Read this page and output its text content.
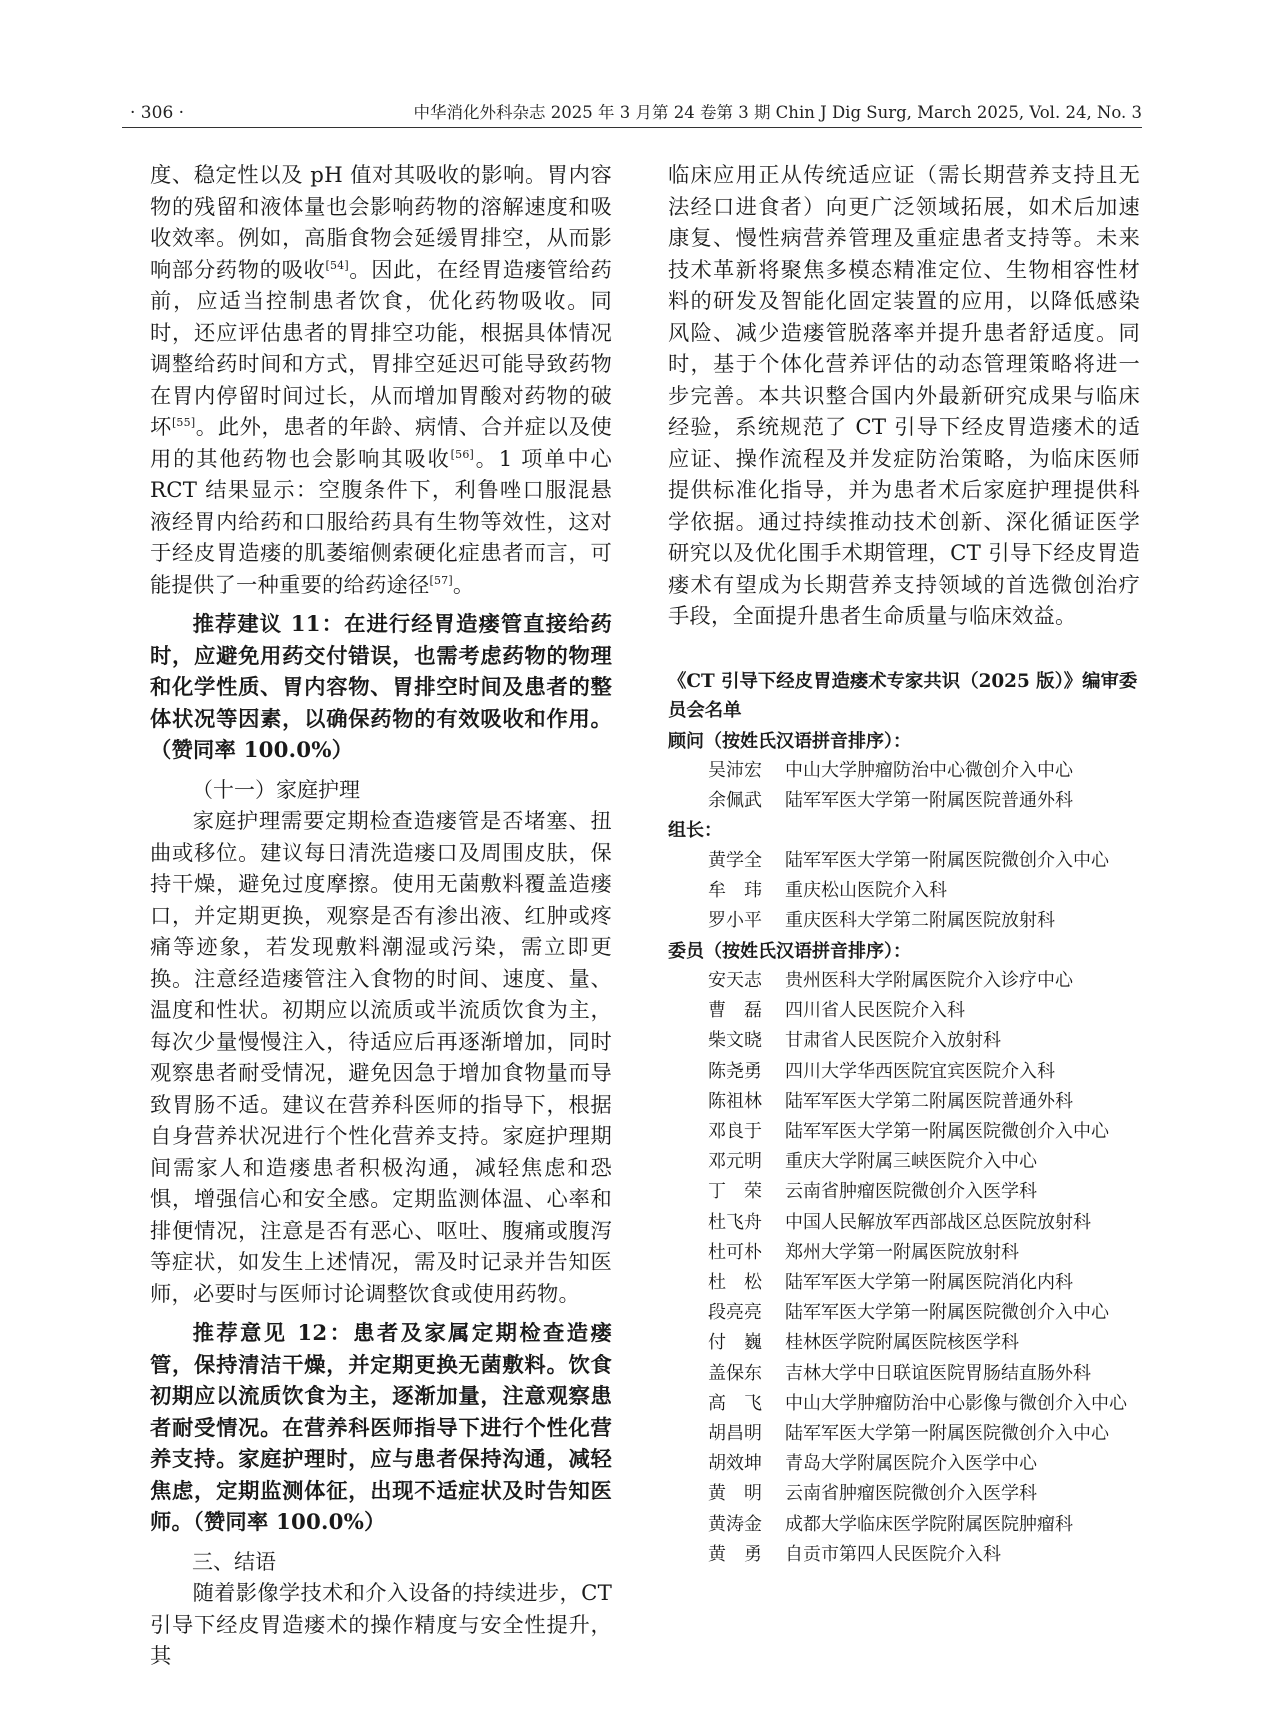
· 306 ·	中华消化外科杂志 2025 年 3 月第 24 卷第 3 期 Chin J Dig Surg, March 2025, Vol. 24, No. 3

度、稳定性以及 pH 值对其吸收的影响。胃内容物的残留和液体量也会影响药物的溶解速度和吸收效率。例如，高脂食物会延缓胃排空，从而影响部分药物的吸收[54]。因此，在经胃造瘘管给药前，应适当控制患者饮食，优化药物吸收。同时，还应评估患者的胃排空功能，根据具体情况调整给药时间和方式，胃排空延迟可能导致药物在胃内停留时间过长，从而增加胃酸对药物的破坏[55]。此外，患者的年龄、病情、合并症以及使用的其他药物也会影响其吸收[56]。1 项单中心 RCT 结果显示：空腹条件下，利鲁唑口服混悬液经胃内给药和口服给药具有生物等效性，这对于经皮胃造瘘的肌萎缩侧索硬化症患者而言，可能提供了一种重要的给药途径[57]。

推荐建议 11：在进行经胃造瘘管直接给药时，应避免用药交付错误，也需考虑药物的物理和化学性质、胃内容物、胃排空时间及患者的整体状况等因素，以确保药物的有效吸收和作用。（赞同率 100.0%）

（十一）家庭护理

家庭护理需要定期检查造瘘管是否堵塞、扭曲或移位。建议每日清洗造瘘口及周围皮肤，保持干燥，避免过度摩擦。使用无菌敷料覆盖造瘘口，并定期更换，观察是否有渗出液、红肿或疼痛等迹象，若发现敷料潮湿或污染，需立即更换。注意经造瘘管注入食物的时间、速度、量、温度和性状。初期应以流质或半流质饮食为主，每次少量慢慢注入，待适应后再逐渐增加，同时观察患者耐受情况，避免因急于增加食物量而导致胃肠不适。建议在营养科医师的指导下，根据自身营养状况进行个性化营养支持。家庭护理期间需家人和造瘘患者积极沟通，减轻焦虑和恐惧，增强信心和安全感。定期监测体温、心率和排便情况，注意是否有恶心、呕吐、腹痛或腹泻等症状，如发生上述情况，需及时记录并告知医师，必要时与医师讨论调整饮食或使用药物。

推荐意见 12：患者及家属定期检查造瘘管，保持清洁干燥，并定期更换无菌敷料。饮食初期应以流质饮食为主，逐渐加量，注意观察患者耐受情况。在营养科医师指导下进行个性化营养支持。家庭护理时，应与患者保持沟通，减轻焦虑，定期监测体征，出现不适症状及时告知医师。（赞同率 100.0%）

三、结语

随着影像学技术和介入设备的持续进步，CT 引导下经皮胃造瘘术的操作精度与安全性提升，其

临床应用正从传统适应证（需长期营养支持且无法经口进食者）向更广泛领域拓展，如术后加速康复、慢性病营养管理及重症患者支持等。未来技术革新将聚焦多模态精准定位、生物相容性材料的研发及智能化固定装置的应用，以降低感染风险、减少造瘘管脱落率并提升患者舒适度。同时，基于个体化营养评估的动态管理策略将进一步完善。本共识整合国内外最新研究成果与临床经验，系统规范了 CT 引导下经皮胃造瘘术的适应证、操作流程及并发症防治策略，为临床医师提供标准化指导，并为患者术后家庭护理提供科学依据。通过持续推动技术创新、深化循证医学研究以及优化围手术期管理，CT 引导下经皮胃造瘘术有望成为长期营养支持领域的首选微创治疗手段，全面提升患者生命质量与临床效益。

《CT 引导下经皮胃造瘘术专家共识（2025 版）》编审委员会名单

顾问（按姓氏汉语拼音排序）：

吴沛宏 中山大学肿瘤防治中心微创介入中心

余佩武 陆军军医大学第一附属医院普通外科

组长：

黄学全 陆军军医大学第一附属医院微创介入中心

牟　玮 重庆松山医院介入科

罗小平 重庆医科大学第二附属医院放射科

委员（按姓氏汉语拼音排序）：

安天志 贵州医科大学附属医院介入诊疗中心

曹　磊 四川省人民医院介入科

柴文晓 甘肃省人民医院介入放射科

陈尧勇 四川大学华西医院宜宾医院介入科

陈祖林 陆军军医大学第二附属医院普通外科

邓良于 陆军军医大学第一附属医院微创介入中心

邓元明 重庆大学附属三峡医院介入中心

丁　荣 云南省肿瘤医院微创介入医学科

杜飞舟 中国人民解放军西部战区总医院放射科

杜可朴 郑州大学第一附属医院放射科

杜　松 陆军军医大学第一附属医院消化内科

段亮亮 陆军军医大学第一附属医院微创介入中心

付　巍 桂林医学院附属医院核医学科

盖保东 吉林大学中日联谊医院胃肠结直肠外科

高　飞 中山大学肿瘤防治中心影像与微创介入中心

胡昌明 陆军军医大学第一附属医院微创介入中心

胡效坤 青岛大学附属医院介入医学中心

黄　明 云南省肿瘤医院微创介入医学科

黄涛金 成都大学临床医学院附属医院肿瘤科

黄　勇 自贡市第四人民医院介入科
